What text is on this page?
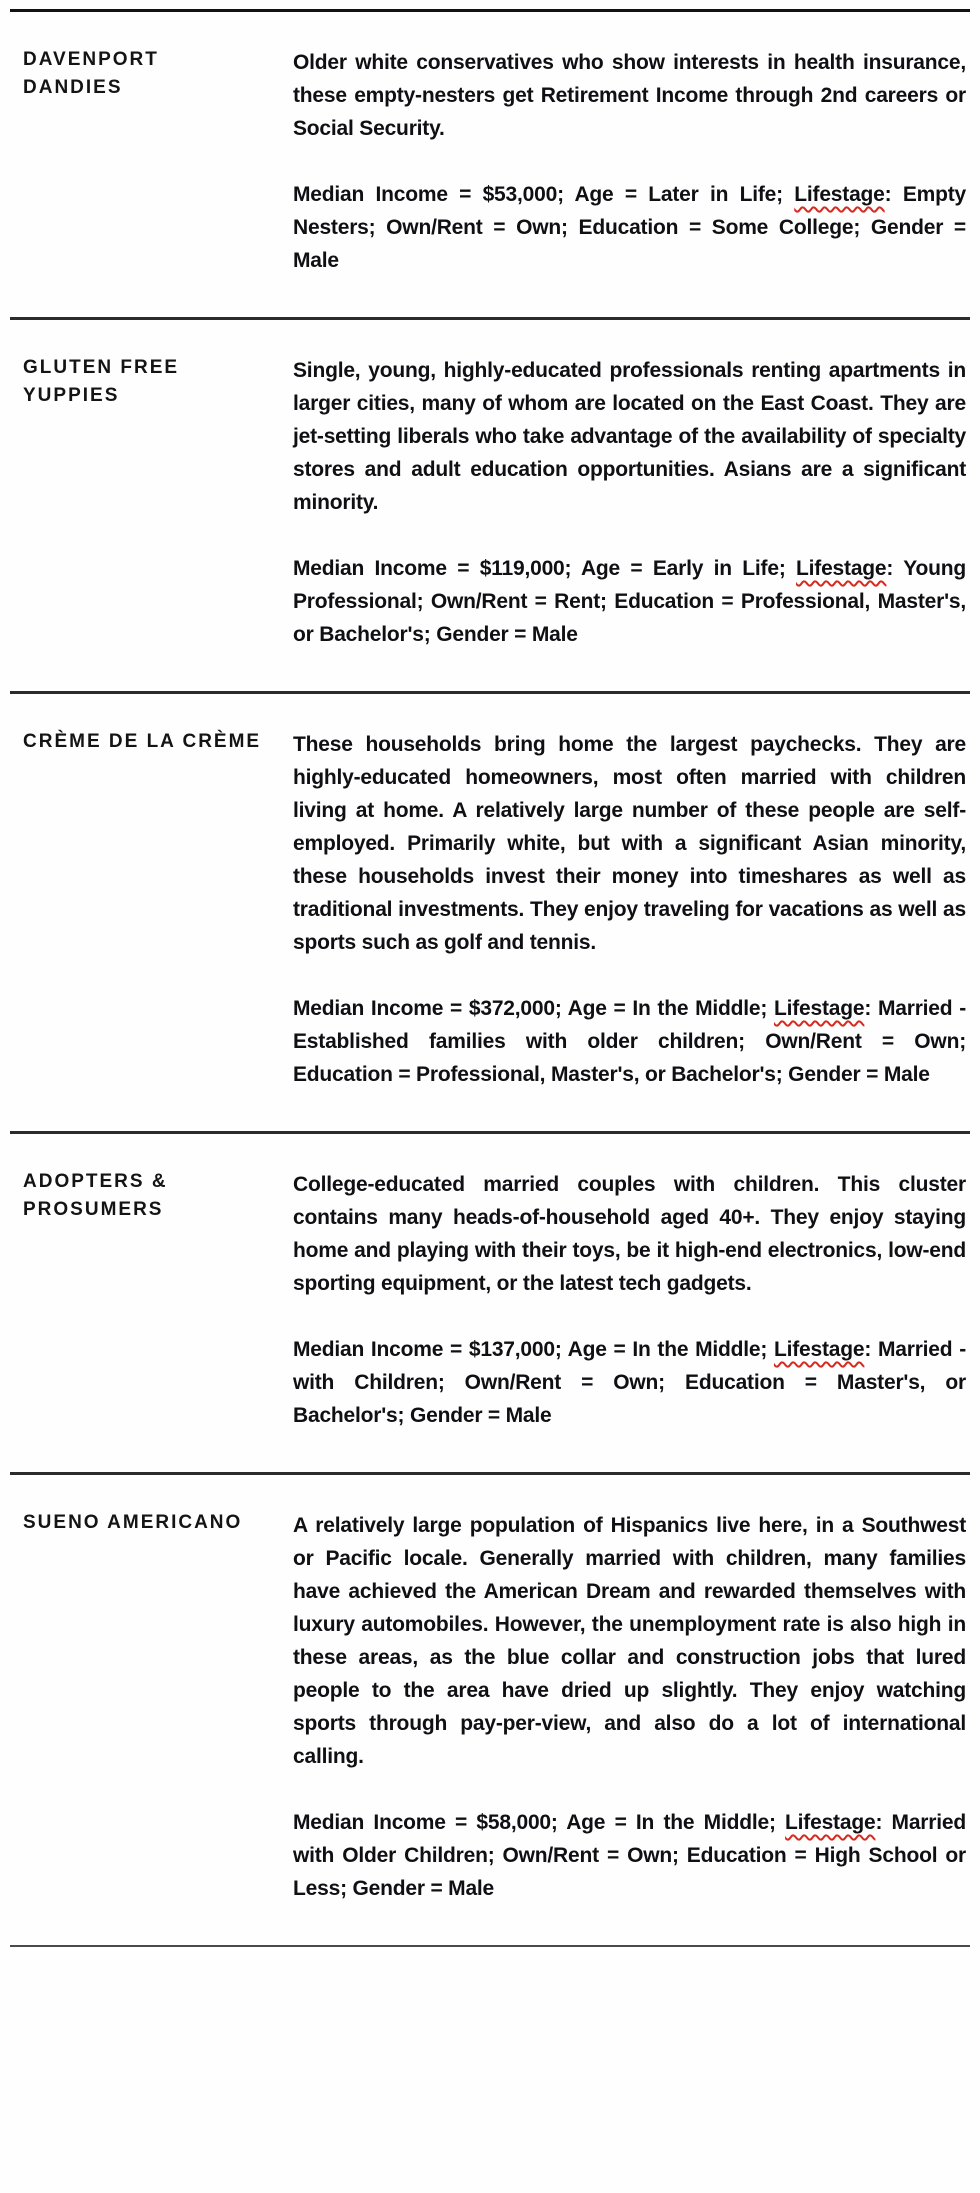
DAVENPORT
DANDIES

Older white conservatives who show interests in health insurance, these empty-nesters get Retirement Income through 2nd careers or Social Security.

Median Income = $53,000; Age = Later in Life; Lifestage: Empty Nesters; Own/Rent = Own; Education = Some College; Gender = Male

GLUTEN FREE
YUPPIES

Single, young, highly-educated professionals renting apartments in larger cities, many of whom are located on the East Coast. They are jet-setting liberals who take advantage of the availability of specialty stores and adult education opportunities. Asians are a significant minority.

Median Income = $119,000; Age = Early in Life; Lifestage: Young Professional; Own/Rent = Rent; Education = Professional, Master's, or Bachelor's; Gender = Male

CRÈME DE LA CRÈME	These households bring home the largest paychecks. They are highly-educated homeowners, most often married with children living at home. A relatively large number of these people are self-employed. Primarily white, but with a significant Asian minority, these households invest their money into timeshares as well as traditional investments. They enjoy traveling for vacations as well as sports such as golf and tennis.

Median Income = $372,000; Age = In the Middle; Lifestage: Married - Established families with older children; Own/Rent = Own; Education = Professional, Master's, or Bachelor's; Gender = Male

ADOPTERS &
PROSUMERS

College-educated married couples with children. This cluster contains many heads-of-household aged 40+. They enjoy staying home and playing with their toys, be it high-end electronics, low-end sporting equipment, or the latest tech gadgets.

Median Income = $137,000; Age = In the Middle; Lifestage: Married - with Children; Own/Rent = Own; Education = Master's, or Bachelor's; Gender = Male

SUENO AMERICANO	A relatively large population of Hispanics live here, in a Southwest or Pacific locale. Generally married with children, many families have achieved the American Dream and rewarded themselves with luxury automobiles. However, the unemployment rate is also high in these areas, as the blue collar and construction jobs that lured people to the area have dried up slightly. They enjoy watching sports through pay-per-view, and also do a lot of international calling.

Median Income = $58,000; Age = In the Middle; Lifestage: Married with Older Children; Own/Rent = Own; Education = High School or Less; Gender = Male
